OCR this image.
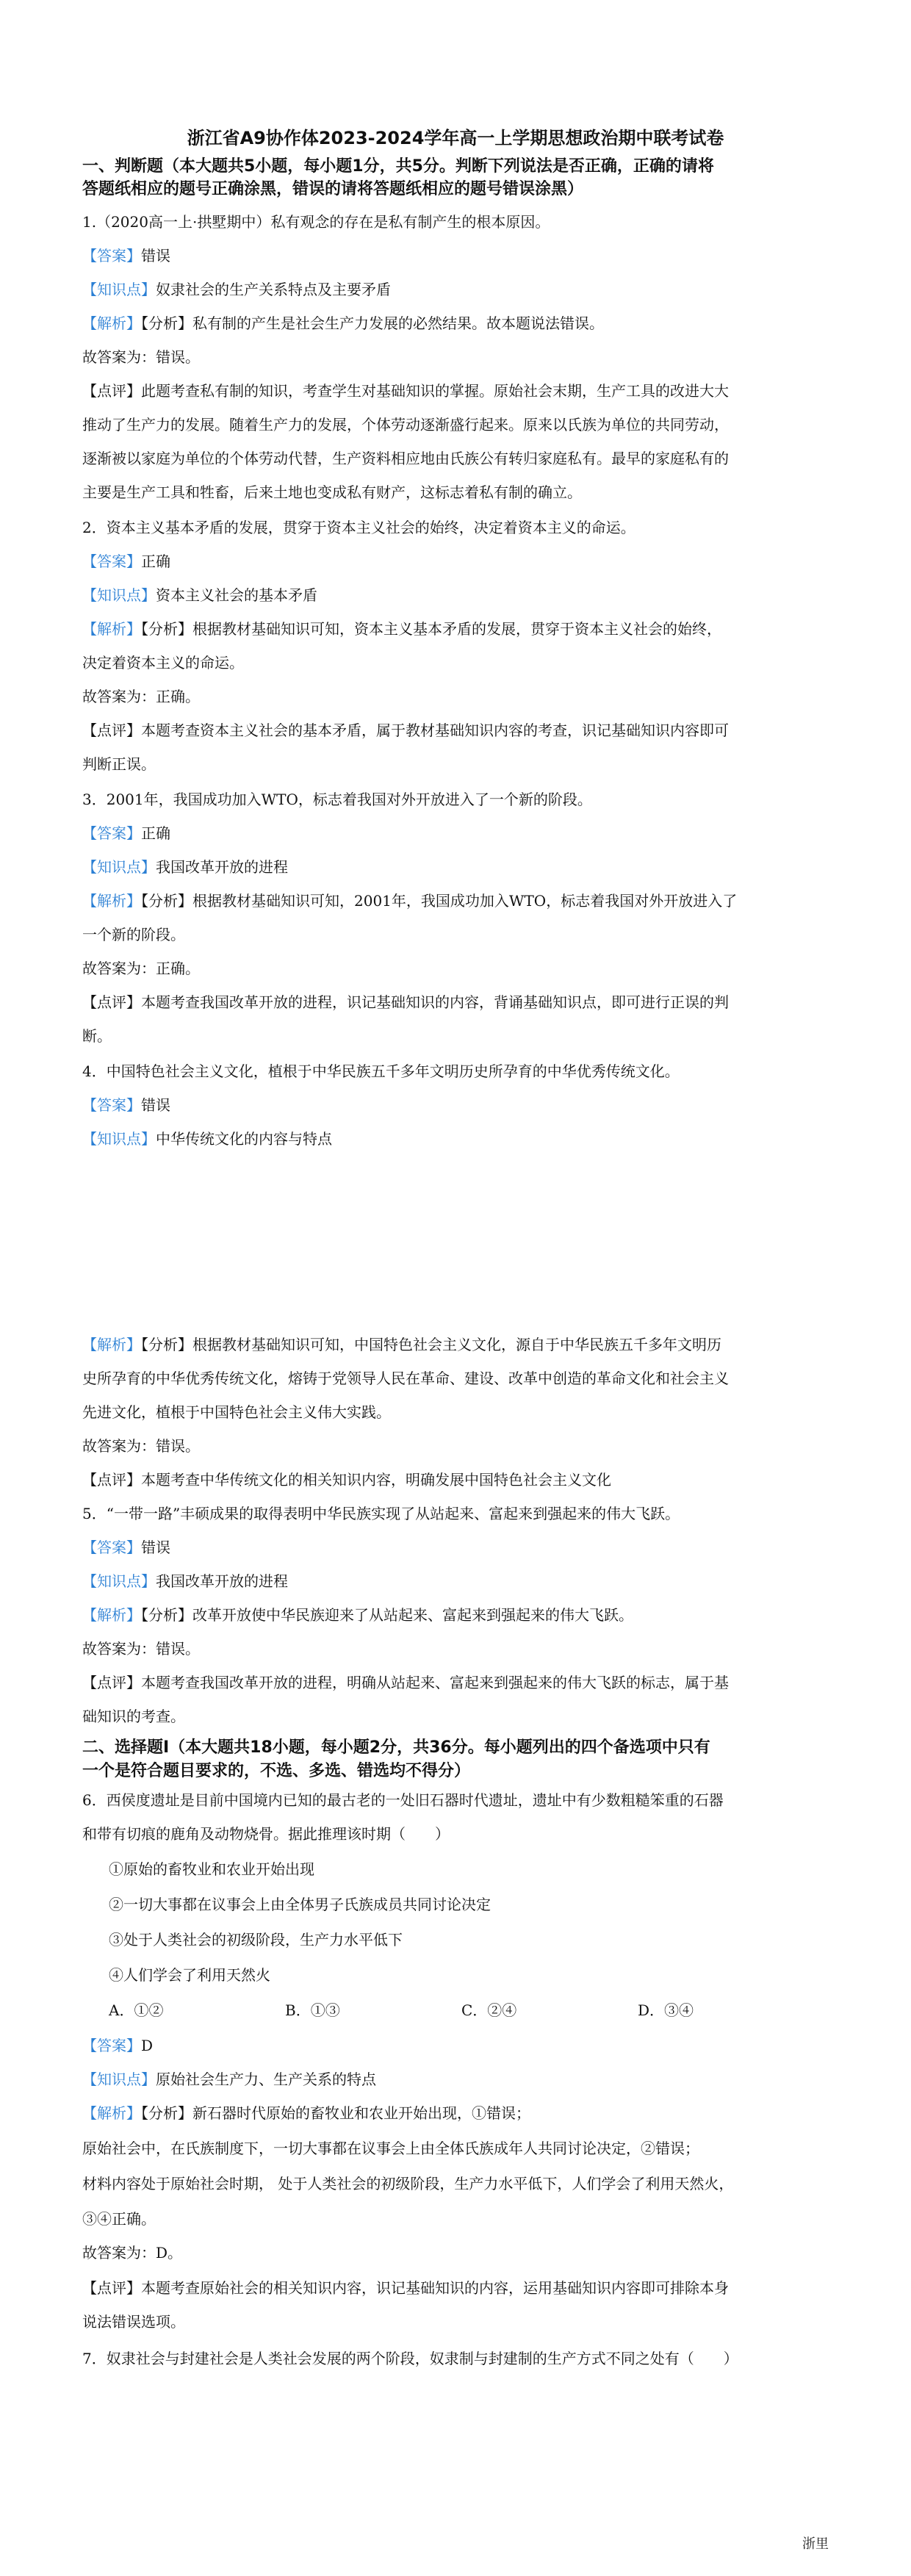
浙江省A9协作体2023-2024学年高一上学期思想政治期中联考试卷
一、判断题（本大题共5小题，每小题1分，共5分。判断下列说法是否正确，正确的请将
答题纸相应的题号正确涂黑，错误的请将答题纸相应的题号错误涂黑）
1.（2020高一上·拱墅期中）私有观念的存在是私有制产生的根本原因。
【答案】错误
【知识点】奴隶社会的生产关系特点及主要矛盾
【解析】【分析】私有制的产生是社会生产力发展的必然结果。故本题说法错误。
故答案为：错误。
【点评】此题考查私有制的知识，考查学生对基础知识的掌握。原始社会末期，生产工具的改进大大
推动了生产力的发展。随着生产力的发展，个体劳动逐渐盛行起来。原来以氏族为单位的共同劳动，
逐渐被以家庭为单位的个体劳动代替，生产资料相应地由氏族公有转归家庭私有。最早的家庭私有的
主要是生产工具和牲畜，后来土地也变成私有财产，这标志着私有制的确立。
2．资本主义基本矛盾的发展，贯穿于资本主义社会的始终，决定着资本主义的命运。
【答案】正确
【知识点】资本主义社会的基本矛盾
【解析】【分析】根据教材基础知识可知，资本主义基本矛盾的发展，贯穿于资本主义社会的始终，
决定着资本主义的命运。
故答案为：正确。
【点评】本题考查资本主义社会的基本矛盾，属于教材基础知识内容的考查，识记基础知识内容即可
判断正误。
3．2001年，我国成功加入WTO，标志着我国对外开放进入了一个新的阶段。
【答案】正确
【知识点】我国改革开放的进程
【解析】【分析】根据教材基础知识可知，2001年，我国成功加入WTO，标志着我国对外开放进入了
一个新的阶段。
故答案为：正确。
【点评】本题考查我国改革开放的进程，识记基础知识的内容，背诵基础知识点，即可进行正误的判
断。
4．中国特色社会主义文化，植根于中华民族五千多年文明历史所孕育的中华优秀传统文化。
【答案】错误
【知识点】中华传统文化的内容与特点
【解析】【分析】根据教材基础知识可知，中国特色社会主义文化，源自于中华民族五千多年文明历
史所孕育的中华优秀传统文化，熔铸于党领导人民在革命、建设、改革中创造的革命文化和社会主义
先进文化，植根于中国特色社会主义伟大实践。
故答案为：错误。
【点评】本题考查中华传统文化的相关知识内容，明确发展中国特色社会主义文化
5．“一带一路”丰硕成果的取得表明中华民族实现了从站起来、富起来到强起来的伟大飞跃。
【答案】错误
【知识点】我国改革开放的进程
【解析】【分析】改革开放使中华民族迎来了从站起来、富起来到强起来的伟大飞跃。
故答案为：错误。
【点评】本题考查我国改革开放的进程，明确从站起来、富起来到强起来的伟大飞跃的标志，属于基
础知识的考查。
二、选择题Ⅰ（本大题共18小题，每小题2分，共36分。每小题列出的四个备选项中只有
一个是符合题目要求的，不选、多选、错选均不得分）
6．西侯度遗址是目前中国境内已知的最古老的一处旧石器时代遗址，遗址中有少数粗糙笨重的石器
和带有切痕的鹿角及动物烧骨。据此推理该时期（　　）
①原始的畜牧业和农业开始出现
②一切大事都在议事会上由全体男子氏族成员共同讨论决定
③处于人类社会的初级阶段，生产力水平低下
④人们学会了利用天然火
A．①②	B．①③	C．②④	D．③④
【答案】D
【知识点】原始社会生产力、生产关系的特点
【解析】【分析】新石器时代原始的畜牧业和农业开始出现，①错误；
原始社会中，在氏族制度下，一切大事都在议事会上由全体氏族成年人共同讨论决定，②错误；
材料内容处于原始社会时期， 处于人类社会的初级阶段，生产力水平低下，人们学会了利用天然火，
③④正确。
故答案为：D。
【点评】本题考查原始社会的相关知识内容，识记基础知识的内容，运用基础知识内容即可排除本身
说法错误选项。
7．奴隶社会与封建社会是人类社会发展的两个阶段，奴隶制与封建制的生产方式不同之处有（　　）
浙里
